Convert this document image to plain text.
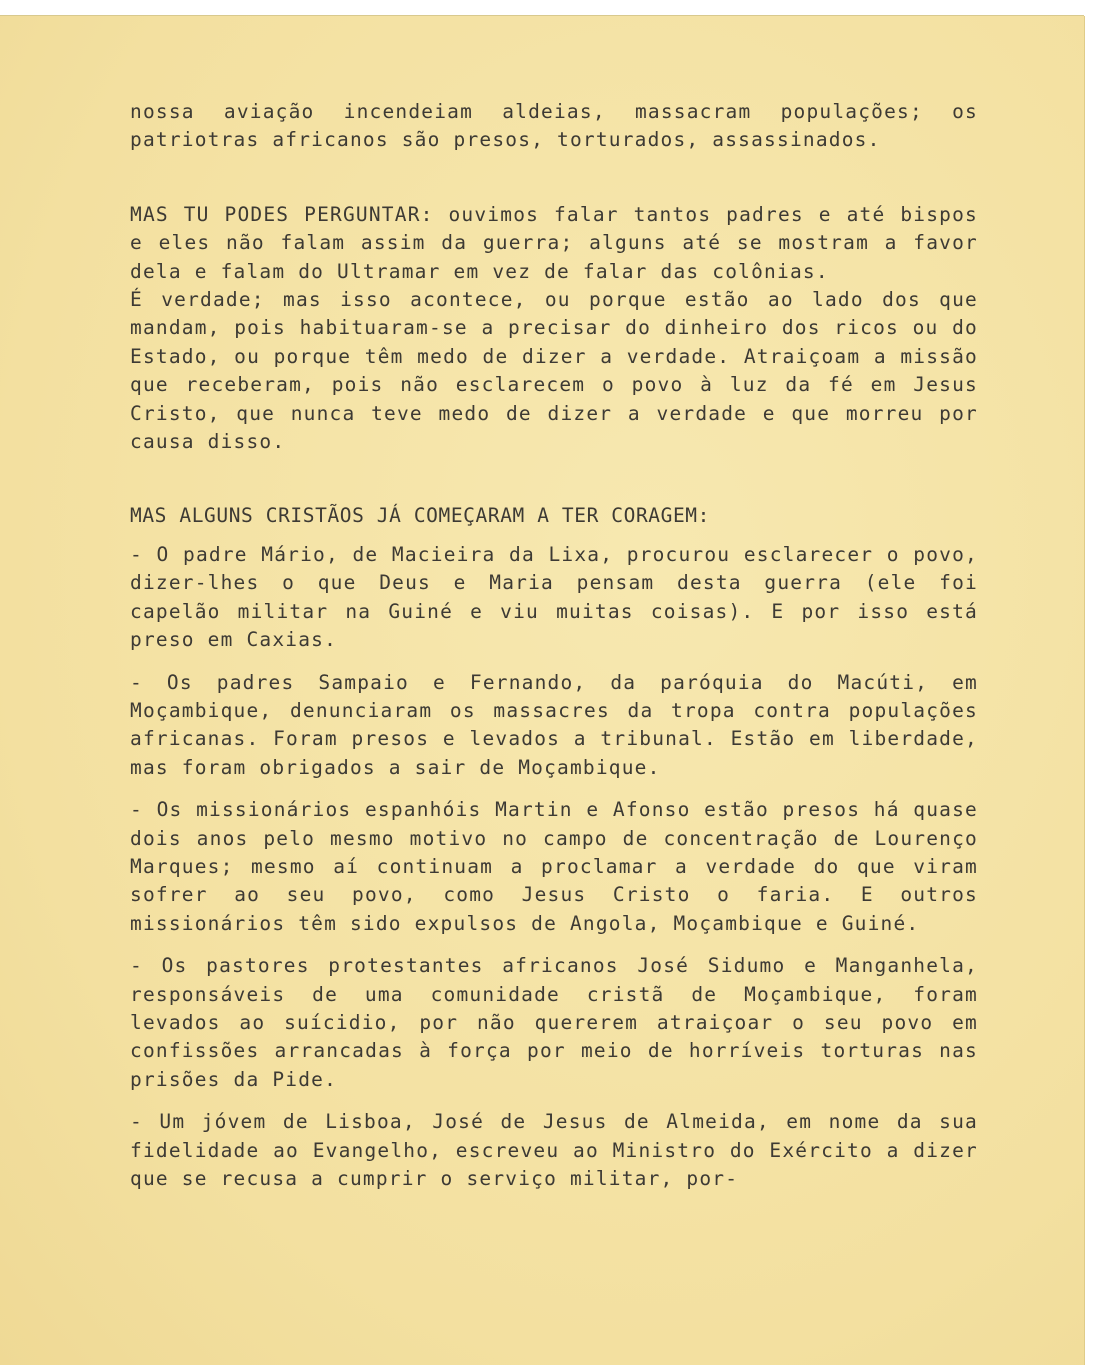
nossa aviação incendeiam aldeias, massacram populações; os patriotras africanos são presos, torturados, assassinados.

MAS TU PODES PERGUNTAR: ouvimos falar tantos padres e até bispos e eles não falam assim da guerra; alguns até se mostram a favor dela e falam do Ultramar em vez de falar das colônias.

É verdade; mas isso acontece, ou porque estão ao lado dos que mandam, pois habituaram-se a precisar do dinheiro dos ricos ou do Estado, ou porque têm medo de dizer a verdade. Atraiçoam a missão que receberam, pois não esclarecem o povo à luz da fé em Jesus Cristo, que nunca teve medo de dizer a verdade e que morreu por causa disso.

MAS ALGUNS CRISTÃOS JÁ COMEÇARAM A TER CORAGEM:

- O padre Mário, de Macieira da Lixa, procurou esclarecer o povo, dizer-lhes o que Deus e Maria pensam desta guerra (ele foi capelão militar na Guiné e viu muitas coisas). E por isso está preso em Caxias.

- Os padres Sampaio e Fernando, da paróquia do Macúti, em Moçambique, denunciaram os massacres da tropa contra populações africanas. Foram presos e levados a tribunal. Estão em liberdade, mas foram obrigados a sair de Moçambique.

- Os missionários espanhóis Martin e Afonso estão presos há quase dois anos pelo mesmo motivo no campo de concentração de Lourenço Marques; mesmo aí continuam a proclamar a verdade do que viram sofrer ao seu povo, como Jesus Cristo o faria. E outros missionários têm sido expulsos de Angola, Moçambique e Guiné.

- Os pastores protestantes africanos José Sidumo e Manganhela, responsáveis de uma comunidade cristã de Moçambique, foram levados ao suícidio, por não quererem atraiçoar o seu povo em confissões arrancadas à força por meio de horríveis torturas nas prisões da Pide.

- Um jóvem de Lisboa, José de Jesus de Almeida, em nome da sua fidelidade ao Evangelho, escreveu ao Ministro do Exército a dizer que se recusa a cumprir o serviço militar, por-
